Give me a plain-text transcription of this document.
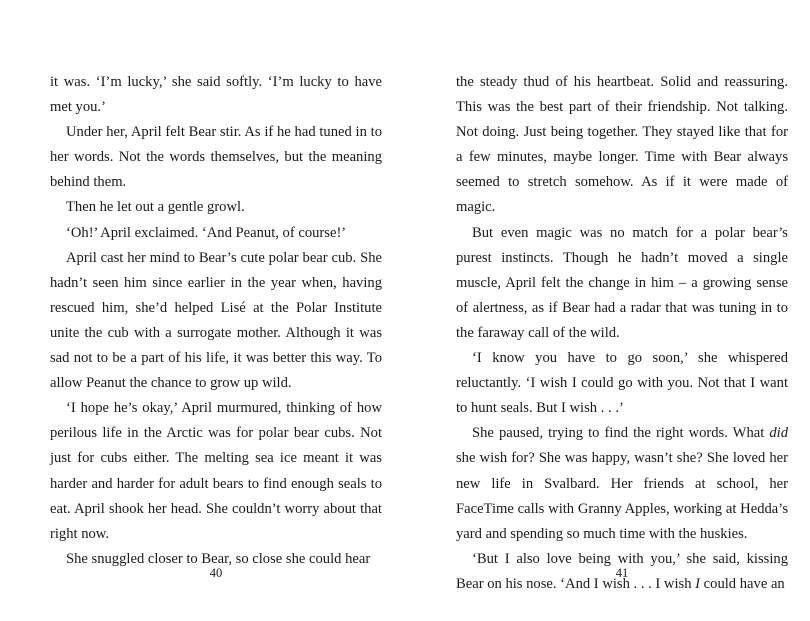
it was. ‘I’m lucky,’ she said softly. ‘I’m lucky to have met you.’

Under her, April felt Bear stir. As if he had tuned in to her words. Not the words themselves, but the meaning behind them.

Then he let out a gentle growl.

‘Oh!’ April exclaimed. ‘And Peanut, of course!’

April cast her mind to Bear’s cute polar bear cub. She hadn’t seen him since earlier in the year when, having rescued him, she’d helped Lisé at the Polar Institute unite the cub with a surrogate mother. Although it was sad not to be a part of his life, it was better this way. To allow Peanut the chance to grow up wild.

‘I hope he’s okay,’ April murmured, thinking of how perilous life in the Arctic was for polar bear cubs. Not just for cubs either. The melting sea ice meant it was harder and harder for adult bears to find enough seals to eat. April shook her head. She couldn’t worry about that right now.

She snuggled closer to Bear, so close she could hear

40

the steady thud of his heartbeat. Solid and reassuring. This was the best part of their friendship. Not talking. Not doing. Just being together. They stayed like that for a few minutes, maybe longer. Time with Bear always seemed to stretch somehow. As if it were made of magic.

But even magic was no match for a polar bear’s purest instincts. Though he hadn’t moved a single muscle, April felt the change in him – a growing sense of alertness, as if Bear had a radar that was tuning in to the faraway call of the wild.

‘I know you have to go soon,’ she whispered reluctantly. ‘I wish I could go with you. Not that I want to hunt seals. But I wish . . .’

She paused, trying to find the right words. What did she wish for? She was happy, wasn’t she? She loved her new life in Svalbard. Her friends at school, her FaceTime calls with Granny Apples, working at Hedda’s yard and spending so much time with the huskies.

‘But I also love being with you,’ she said, kissing Bear on his nose. ‘And I wish . . . I wish I could have an

41
